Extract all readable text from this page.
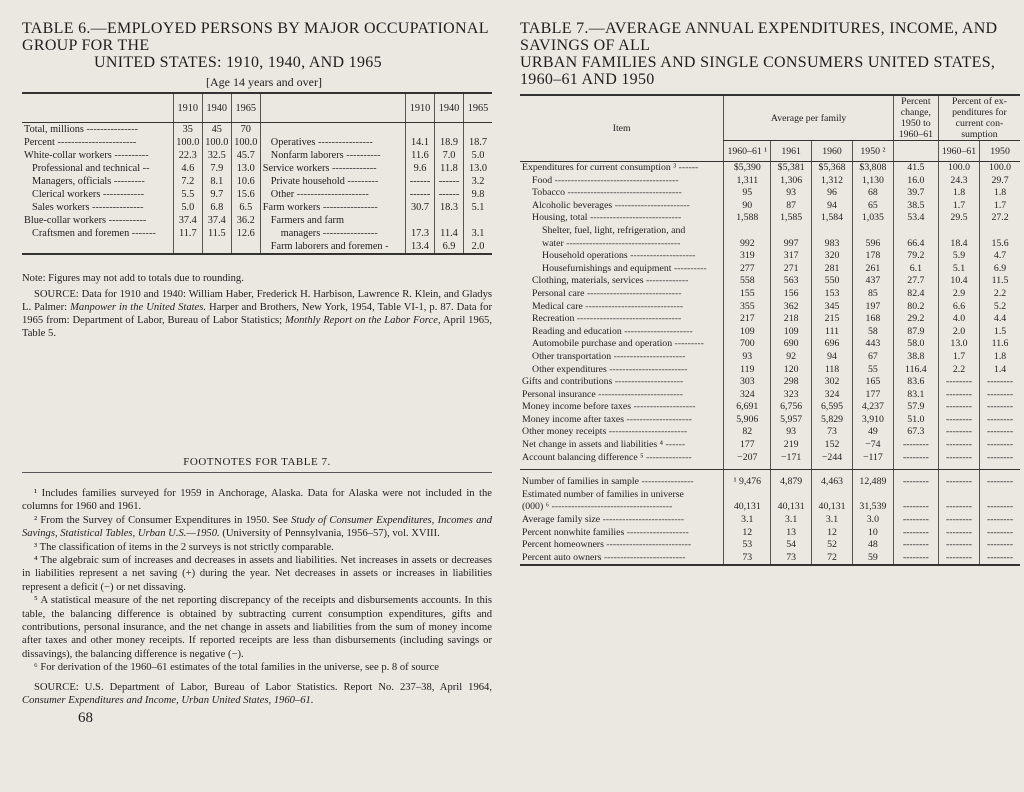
TABLE 6.—EMPLOYED PERSONS BY MAJOR OCCUPATIONAL GROUP FOR THE
UNITED STATES: 1910, 1940, AND 1965
[Age 14 years and over]
	1910	1940	1965		1910	1940	1965
Total, millions ---------------	35	45	70				
Percent -----------------------	100.0	100.0	100.0	Operatives ----------------	14.1	18.9	18.7
White-collar workers ----------	22.3	32.5	45.7	Nonfarm laborers ----------	11.6	7.0	5.0
Professional and technical --	4.6	7.9	13.0	Service workers -------------	9.6	11.8	13.0
Managers, officials ---------	7.2	8.1	10.6	Private household ---------	------	------	3.2
Clerical workers ------------	5.5	9.7	15.6	Other ---------------------	------	------	9.8
Sales workers ---------------	5.0	6.8	6.5	Farm workers ----------------	30.7	18.3	5.1
Blue-collar workers -----------	37.4	37.4	36.2	Farmers and farm			
Craftsmen and foremen -------	11.7	11.5	12.6	managers ----------------	17.3	11.4	3.1
				Farm laborers and foremen -	13.4	6.9	2.0

Note: Figures may not add to totals due to rounding.

SOURCE: Data for 1910 and 1940: William Haber, Frederick H. Harbison, Lawrence R. Klein, and Gladys L. Palmer: Manpower in the United States. Harper and Brothers, New York, 1954, Table VI-1, p. 87. Data for 1965 from: Department of Labor, Bureau of Labor Statistics; Monthly Report on the Labor Force, April 1965, Table 5.

FOOTNOTES FOR TABLE 7.

¹ Includes families surveyed for 1959 in Anchorage, Alaska. Data for Alaska were not included in the columns for 1960 and 1961.

² From the Survey of Consumer Expenditures in 1950. See Study of Consumer Expenditures, Incomes and Savings, Statistical Tables, Urban U.S.—1950. (University of Pennsylvania, 1956–57), vol. XVIII.

³ The classification of items in the 2 surveys is not strictly comparable.

⁴ The algebraic sum of increases and decreases in assets and liabilities. Net increases in assets or decreases in liabilities represent a net saving (+) during the year. Net decreases in assets or increases in liabilities represent a deficit (−) or net dissaving.

⁵ A statistical measure of the net reporting discrepancy of the receipts and disbursements accounts. In this table, the balancing difference is obtained by subtracting current consumption expenditures, gifts and contributions, personal insurance, and the net change in assets and liabilities from the sum of money income after taxes and other money receipts. If reported receipts are less than disbursements (including savings or dissavings), the balancing difference is negative (−).

⁶ For derivation of the 1960–61 estimates of the total families in the universe, see p. 8 of source

SOURCE: U.S. Department of Labor, Bureau of Labor Statistics. Report No. 237–38, April 1964, Consumer Expenditures and Income, Urban United States, 1960–61.

68
TABLE 7.—AVERAGE ANNUAL EXPENDITURES, INCOME, AND SAVINGS OF ALL
URBAN FAMILIES AND SINGLE CONSUMERS UNITED STATES, 1960–61 AND 1950
Item	Average per family				Percent change, 1950 to 1960–61	Percent of ex-penditures for current con-sumption	
	1960–61 ¹	1961	1960	1950 ²		1960–61	1950
Expenditures for current consumption ³ ------	$5,390	$5,381	$5,368	$3,808	41.5	100.0	100.0
Food --------------------------------------	1,311	1,306	1,312	1,130	16.0	24.3	29.7
Tobacco -----------------------------------	95	93	96	68	39.7	1.8	1.8
Alcoholic beverages -----------------------	90	87	94	65	38.5	1.7	1.7
Housing, total ----------------------------	1,588	1,585	1,584	1,035	53.4	29.5	27.2
Shelter, fuel, light, refrigeration, and							
water -----------------------------------	992	997	983	596	66.4	18.4	15.6
Household operations --------------------	319	317	320	178	79.2	5.9	4.7
Housefurnishings and equipment ----------	277	271	281	261	6.1	5.1	6.9
Clothing, materials, services -------------	558	563	550	437	27.7	10.4	11.5
Personal care -----------------------------	155	156	153	85	82.4	2.9	2.2
Medical care ------------------------------	355	362	345	197	80.2	6.6	5.2
Recreation --------------------------------	217	218	215	168	29.2	4.0	4.4
Reading and education ---------------------	109	109	111	58	87.9	2.0	1.5
Automobile purchase and operation ---------	700	690	696	443	58.0	13.0	11.6
Other transportation ----------------------	93	92	94	67	38.8	1.7	1.8
Other expenditures ------------------------	119	120	118	55	116.4	2.2	1.4
Gifts and contributions ---------------------	303	298	302	165	83.6	--------	--------
Personal insurance --------------------------	324	323	324	177	83.1	--------	--------
Money income before taxes -------------------	6,691	6,756	6,595	4,237	57.9	--------	--------
Money income after taxes --------------------	5,906	5,957	5,829	3,910	51.0	--------	--------
Other money receipts ------------------------	82	93	73	49	67.3	--------	--------
Net change in assets and liabilities ⁴ ------	177	219	152	−74	--------	--------	--------
Account balancing difference ⁵ --------------	−207	−171	−244	−117	--------	--------	--------

Number of families in sample ----------------	¹ 9,476	4,879	4,463	12,489	--------	--------	--------
Estimated number of families in universe							
(000) ⁶ -------------------------------------	40,131	40,131	40,131	31,539	--------	--------	--------
Average family size -------------------------	3.1	3.1	3.1	3.0	--------	--------	--------
Percent nonwhite families -------------------	12	13	12	10	--------	--------	--------
Percent homeowners --------------------------	53	54	52	48	--------	--------	--------
Percent auto owners -------------------------	73	73	72	59	--------	--------	--------
